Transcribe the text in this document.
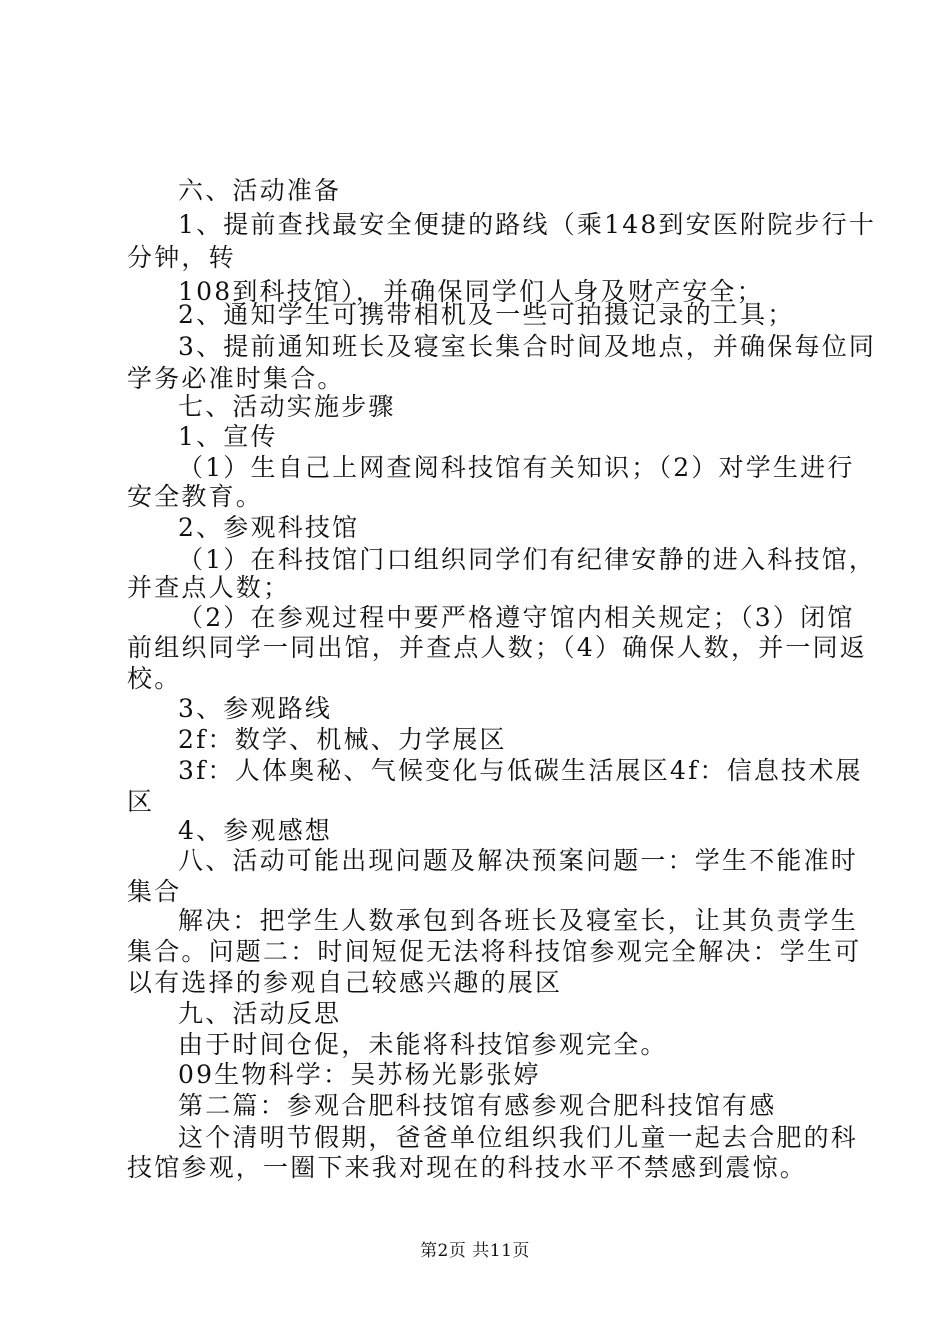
六、活动准备
1、提前查找最安全便捷的路线（乘148到安医附院步行十
分钟，转
108到科技馆），并确保同学们人身及财产安全；
2、通知学生可携带相机及一些可拍摄记录的工具；
3、提前通知班长及寝室长集合时间及地点，并确保每位同
学务必准时集合。
七、活动实施步骤
1、宣传
（1）生自己上网查阅科技馆有关知识；（2）对学生进行
安全教育。
2、参观科技馆
（1）在科技馆门口组织同学们有纪律安静的进入科技馆，
并查点人数；
（2）在参观过程中要严格遵守馆内相关规定；（3）闭馆
前组织同学一同出馆，并查点人数；（4）确保人数，并一同返
校。
3、参观路线
2f：数学、机械、力学展区
3f：人体奥秘、气候变化与低碳生活展区4f：信息技术展
区
4、参观感想
八、活动可能出现问题及解决预案问题一：学生不能准时
集合
解决：把学生人数承包到各班长及寝室长，让其负责学生
集合。问题二：时间短促无法将科技馆参观完全解决：学生可
以有选择的参观自己较感兴趣的展区
九、活动反思
由于时间仓促，未能将科技馆参观完全。
09生物科学：吴苏杨光影张婷
第二篇：参观合肥科技馆有感参观合肥科技馆有感
这个清明节假期，爸爸单位组织我们儿童一起去合肥的科
技馆参观，一圈下来我对现在的科技水平不禁感到震惊。
第2页 共11页
